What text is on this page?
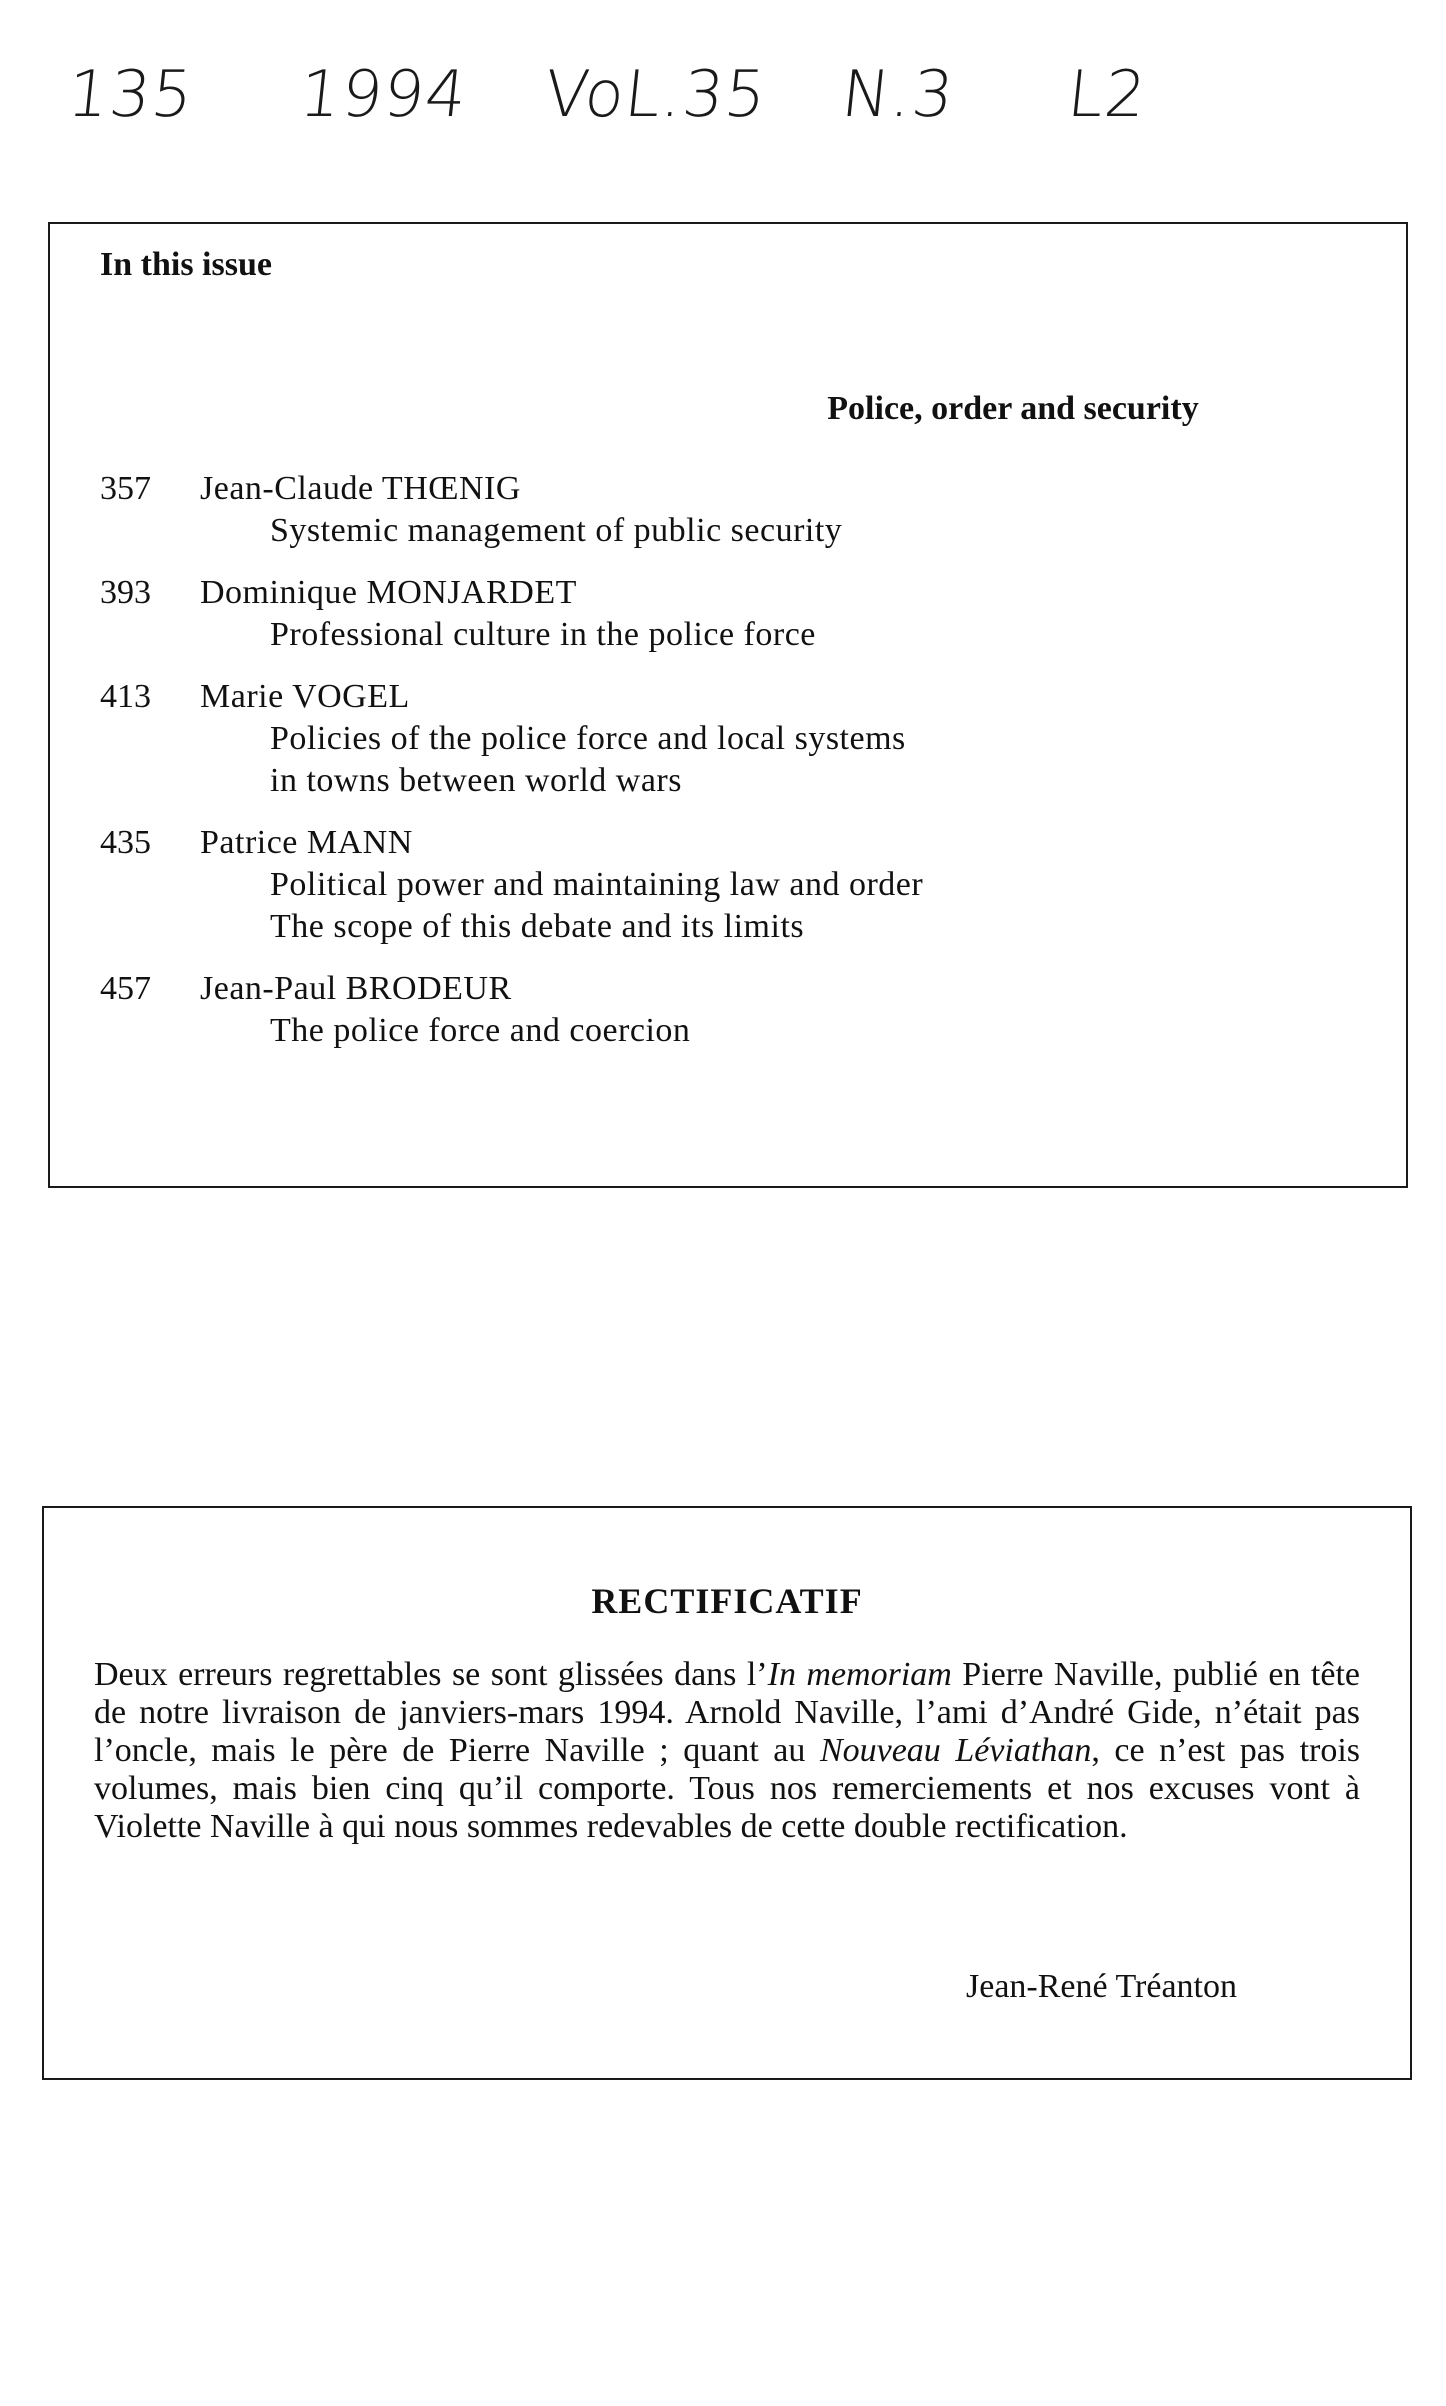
135 1994 VoL.35 N.3 L2
In this issue
Police, order and security
357	Jean-Claude THŒNIG
Systemic management of public security
393	Dominique MONJARDET
Professional culture in the police force
413	Marie VOGEL
Policies of the police force and local systems
in towns between world wars
435	Patrice MANN
Political power and maintaining law and order
The scope of this debate and its limits
457	Jean-Paul BRODEUR
The police force and coercion
RECTIFICATIF
Deux erreurs regrettables se sont glissées dans l’In memoriam Pierre Naville, publié en tête de notre livraison de janviers-mars 1994. Arnold Naville, l’ami d’André Gide, n’était pas l’oncle, mais le père de Pierre Naville ; quant au Nouveau Léviathan, ce n’est pas trois volumes, mais bien cinq qu’il comporte. Tous nos remerciements et nos excuses vont à Violette Naville à qui nous sommes redevables de cette double rectification.
Jean-René Tréanton
